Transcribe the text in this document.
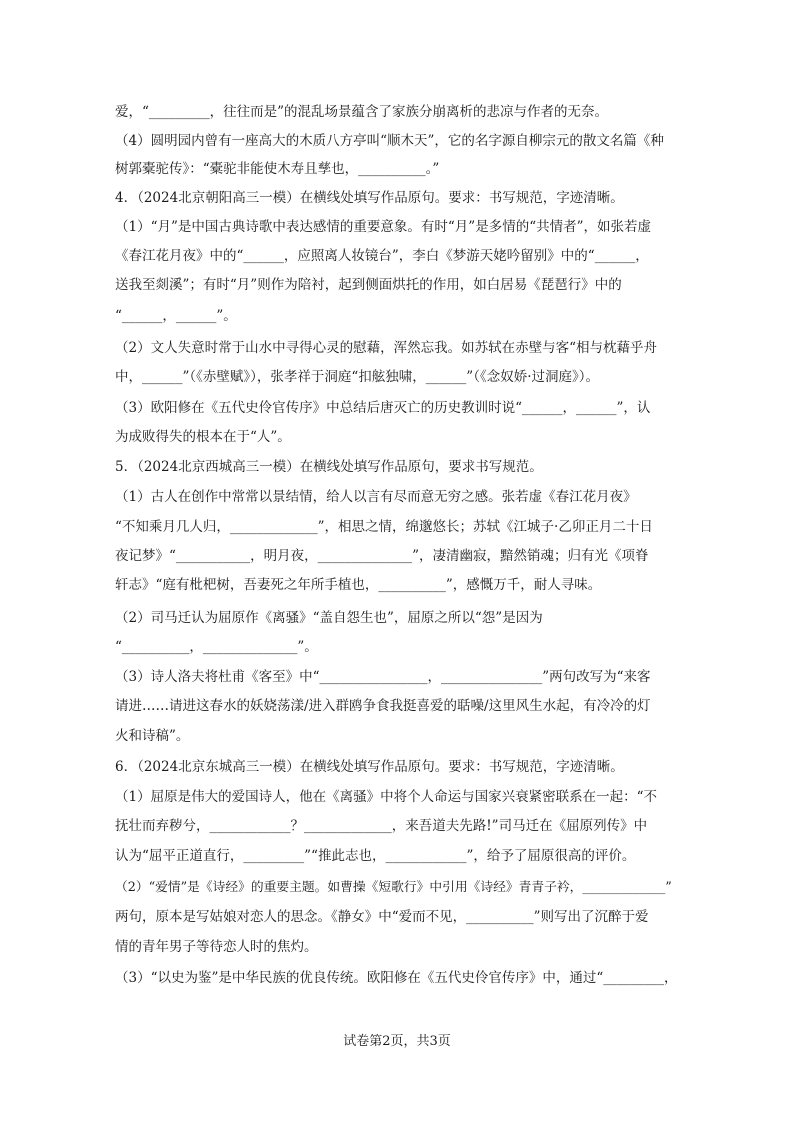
爱，“_________，往往而是”的混乱场景蕴含了家族分崩离析的悲凉与作者的无奈。
（4）圆明园内曾有一座高大的木质八方亭叫“顺木天”，它的名字源自柳宗元的散文名篇《种
树郭橐驼传》：“橐驼非能使木寿且孳也，__________。”
4．（2024北京朝阳高三一模）在横线处填写作品原句。要求：书写规范，字迹清晰。
（1）“月”是中国古典诗歌中表达感情的重要意象。有时“月”是多情的“共情者”，如张若虚
《春江花月夜》中的“______，应照离人妆镜台”，李白《梦游天姥吟留别》中的“______，
送我至剡溪”；有时“月”则作为陪衬，起到侧面烘托的作用，如白居易《琵琶行》中的
“______，______”。
（2）文人失意时常于山水中寻得心灵的慰藉，浑然忘我。如苏轼在赤壁与客“相与枕藉乎舟
中，______”（《赤壁赋》），张孝祥于洞庭“扣舷独啸，______”（《念奴娇·过洞庭》）。
（3）欧阳修在《五代史伶官传序》中总结后唐灭亡的历史教训时说“______，______”，认
为成败得失的根本在于“人”。
5．（2024北京西城高三一模）在横线处填写作品原句，要求书写规范。
（1）古人在创作中常常以景结情，给人以言有尽而意无穷之感。张若虚《春江花月夜》
“不知乘月几人归，_____________”，相思之情，绵邈悠长；苏轼《江城子·乙卯正月二十日
夜记梦》“___________，明月夜，______________”，凄清幽寂，黯然销魂；归有光《项脊
轩志》“庭有枇杷树，吾妻死之年所手植也，__________”，感慨万千，耐人寻味。
（2）司马迁认为屈原作《离骚》“盖自怨生也”，屈原之所以“怨”是因为
“__________，______________”。
（3）诗人洛夫将杜甫《客至》中“________________，_______________”两句改写为“来客
请进……请进这春水的妖娆荡漾/进入群鸥争食我挺喜爱的聒噪/这里风生水起，有冷冷的灯
火和诗稿”。
6．（2024北京东城高三一模）在横线处填写作品原句。要求：书写规范，字迹清晰。
（1）屈原是伟大的爱国诗人，他在《离骚》中将个人命运与国家兴衰紧密联系在一起：“不
抚壮而弃秽兮，____________？_____________，来吾道夫先路!”司马迁在《屈原列传》中
认为“屈平正道直行，_________”“推此志也，____________”，给予了屈原很高的评价。
（2）“爱情”是《诗经》的重要主题。如曹操《短歌行》中引用《诗经》青青子衿，_____________”
两句，原本是写姑娘对恋人的思念。《静女》中“爱而不见，__________”则写出了沉醉于爱
情的青年男子等待恋人时的焦灼。
（3）“以史为鉴”是中华民族的优良传统。欧阳修在《五代史伶官传序》中，通过“_________，
试卷第2页，共3页
